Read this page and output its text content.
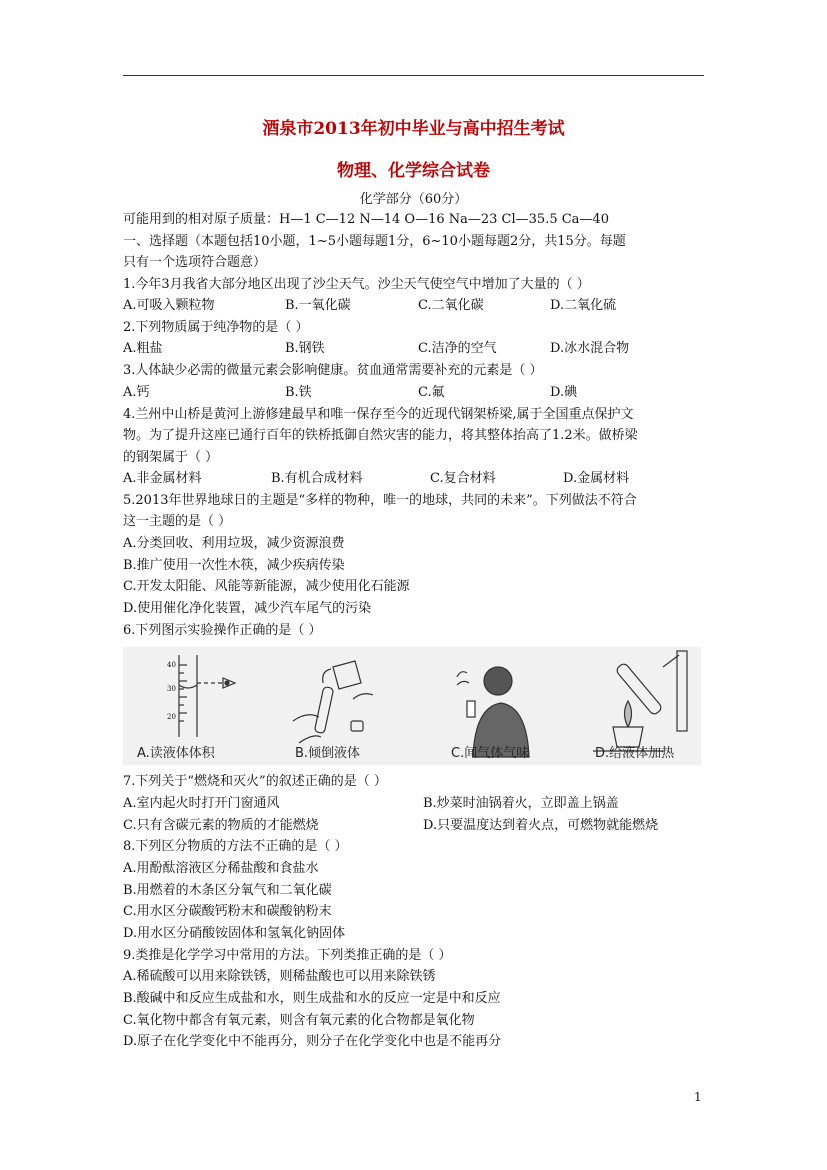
酒泉市2013年初中毕业与高中招生考试
物理、化学综合试卷
化学部分（60分）
可能用到的相对原子质量：H—1 C—12 N—14 O—16 Na—23 Cl—35.5 Ca—40
一、选择题（本题包括10小题，1~5小题每题1分，6~10小题每题2分，共15分。每题
只有一个选项符合题意）
1.今年3月我省大部分地区出现了沙尘天气。沙尘天气使空气中增加了大量的（ ）
A.可吸入颗粒物	B.一氧化碳	C.二氧化碳	D.二氧化硫
2.下列物质属于纯净物的是（ ）
A.粗盐	B.钢铁	C.洁净的空气	D.冰水混合物
3.人体缺少必需的微量元素会影响健康。贫血通常需要补充的元素是（ ）
A.钙	B.铁	C.氟	D.碘
4.兰州中山桥是黄河上游修建最早和唯一保存至今的近现代钢架桥梁,属于全国重点保护文
物。为了提升这座已通行百年的铁桥抵御自然灾害的能力，将其整体抬高了1.2米。做桥梁
的钢架属于（ ）
A.非金属材料	B.有机合成材料	C.复合材料	D.金属材料
5.2013年世界地球日的主题是“多样的物种，唯一的地球，共同的未来”。下列做法不符合
这一主题的是（ ）
A.分类回收、利用垃圾，减少资源浪费
B.推广使用一次性木筷，减少疾病传染
C.开发太阳能、风能等新能源，减少使用化石能源
D.使用催化净化装置，减少汽车尾气的污染
6.下列图示实验操作正确的是（ ）
40
30
20
A.读液体体积	B.倾倒液体	C.闻气体气味	D.给液体加热
7.下列关于“燃烧和灭火”的叙述正确的是（ ）
A.室内起火时打开门窗通风	B.炒菜时油锅着火，立即盖上锅盖
C.只有含碳元素的物质的才能燃烧	D.只要温度达到着火点，可燃物就能燃烧
8.下列区分物质的方法不正确的是（ ）
A.用酚酞溶液区分稀盐酸和食盐水
B.用燃着的木条区分氧气和二氧化碳
C.用水区分碳酸钙粉末和碳酸钠粉末
D.用水区分硝酸铵固体和氢氧化钠固体
9.类推是化学学习中常用的方法。下列类推正确的是（ ）
A.稀硫酸可以用来除铁锈，则稀盐酸也可以用来除铁锈
B.酸碱中和反应生成盐和水，则生成盐和水的反应一定是中和反应
C.氧化物中都含有氧元素，则含有氧元素的化合物都是氧化物
D.原子在化学变化中不能再分，则分子在化学变化中也是不能再分
1
